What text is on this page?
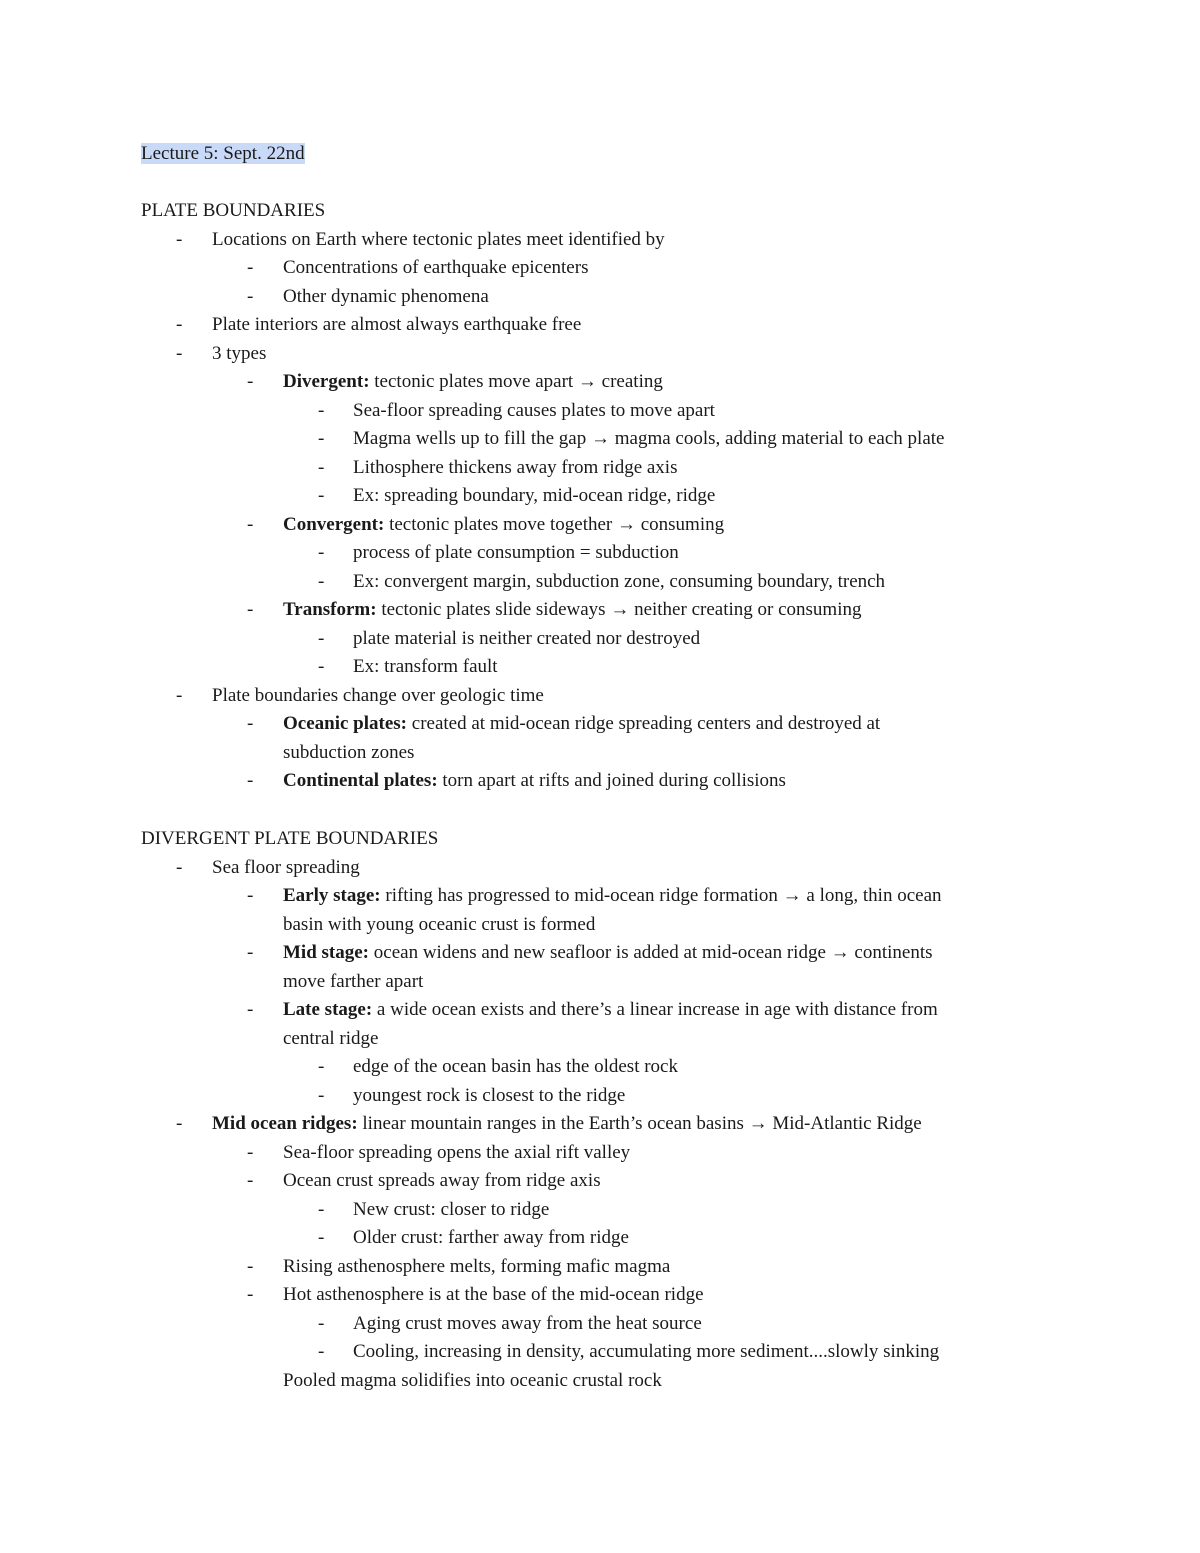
Lecture 5: Sept. 22nd
PLATE BOUNDARIES
- Locations on Earth where tectonic plates meet identified by
- Concentrations of earthquake epicenters
- Other dynamic phenomena
- Plate interiors are almost always earthquake free
- 3 types
- Divergent: tectonic plates move apart → creating
- Sea-floor spreading causes plates to move apart
- Magma wells up to fill the gap → magma cools, adding material to each plate
- Lithosphere thickens away from ridge axis
- Ex: spreading boundary, mid-ocean ridge, ridge
- Convergent: tectonic plates move together → consuming
- process of plate consumption = subduction
- Ex: convergent margin, subduction zone, consuming boundary, trench
- Transform: tectonic plates slide sideways → neither creating or consuming
- plate material is neither created nor destroyed
- Ex: transform fault
- Plate boundaries change over geologic time
- Oceanic plates: created at mid-ocean ridge spreading centers and destroyed at
subduction zones
- Continental plates: torn apart at rifts and joined during collisions
DIVERGENT PLATE BOUNDARIES
- Sea floor spreading
- Early stage: rifting has progressed to mid-ocean ridge formation → a long, thin ocean
basin with young oceanic crust is formed
- Mid stage: ocean widens and new seafloor is added at mid-ocean ridge → continents
move farther apart
- Late stage: a wide ocean exists and there’s a linear increase in age with distance from
central ridge
- edge of the ocean basin has the oldest rock
- youngest rock is closest to the ridge
- Mid ocean ridges: linear mountain ranges in the Earth’s ocean basins → Mid-Atlantic Ridge
- Sea-floor spreading opens the axial rift valley
- Ocean crust spreads away from ridge axis
- New crust: closer to ridge
- Older crust: farther away from ridge
- Rising asthenosphere melts, forming mafic magma
- Hot asthenosphere is at the base of the mid-ocean ridge
- Aging crust moves away from the heat source
- Cooling, increasing in density, accumulating more sediment....slowly sinking
Pooled magma solidifies into oceanic crustal rock
